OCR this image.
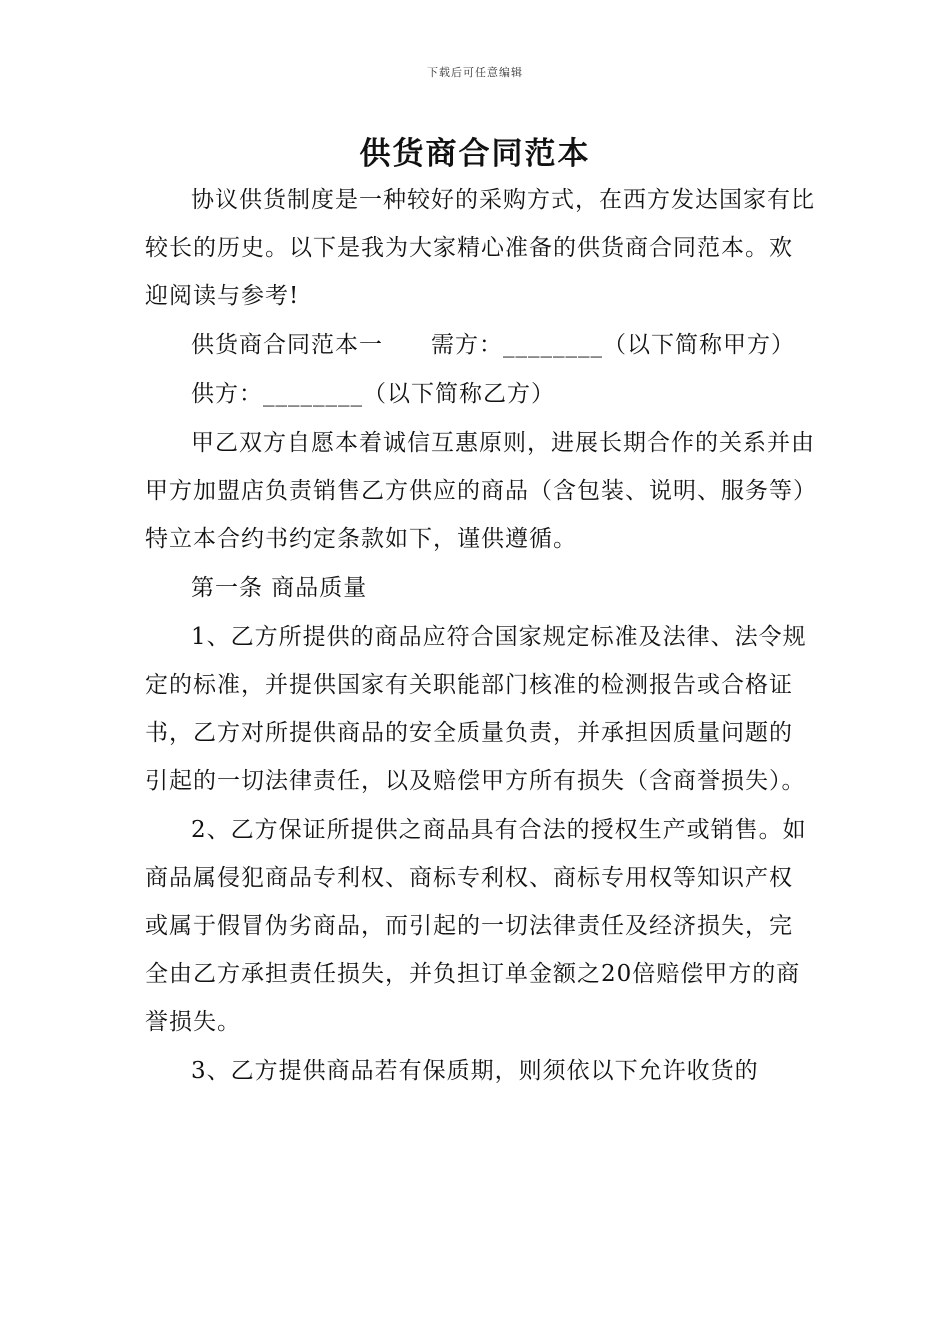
下载后可任意编辑
供货商合同范本

协议供货制度是一种较好的采购方式，在西方发达国家有比较长的历史。以下是我为大家精心准备的供货商合同范本。欢迎阅读与参考!

供货商合同范本一　　需方：________（以下简称甲方）

供方：________（以下简称乙方）

甲乙双方自愿本着诚信互惠原则，进展长期合作的关系并由甲方加盟店负责销售乙方供应的商品（含包装、说明、服务等）特立本合约书约定条款如下，谨供遵循。

第一条 商品质量

1、乙方所提供的商品应符合国家规定标准及法律、法令规定的标准，并提供国家有关职能部门核准的检测报告或合格证书，乙方对所提供商品的安全质量负责，并承担因质量问题的引起的一切法律责任，以及赔偿甲方所有损失（含商誉损失）。

2、乙方保证所提供之商品具有合法的授权生产或销售。如商品属侵犯商品专利权、商标专利权、商标专用权等知识产权或属于假冒伪劣商品，而引起的一切法律责任及经济损失，完全由乙方承担责任损失，并负担订单金额之20倍赔偿甲方的商誉损失。

3、乙方提供商品若有保质期，则须依以下允许收货的
